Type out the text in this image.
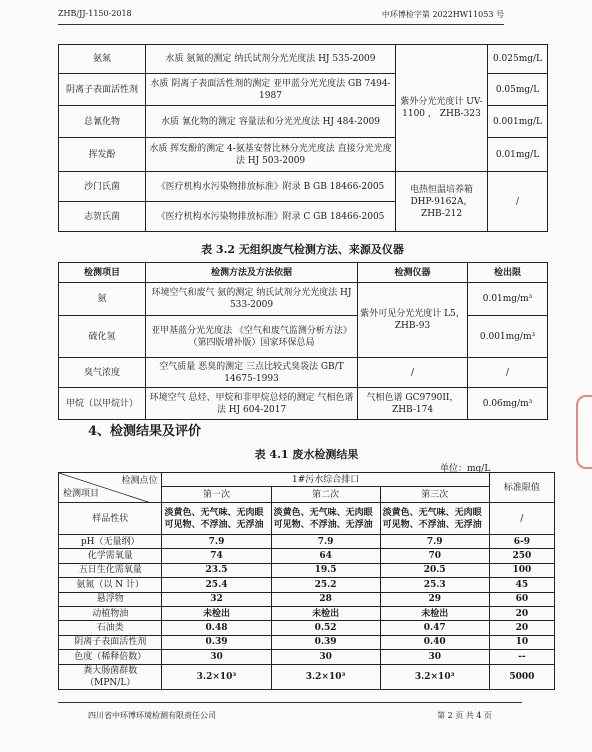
ZHB/JJ-1150-2018	中环博检字第 2022HW11053 号
氨氮	水质 氨氮的测定 纳氏试剂分光光度法 HJ 535-2009	紫外分光光度计 UV-1100 ， ZHB-323	0.025mg/L
阴离子表面活性剂	水质 阴离子表面活性剂的测定 亚甲蓝分光光度法 GB 7494-1987		0.05mg/L
总氰化物	水质 氰化物的测定 容量法和分光光度法 HJ 484-2009		0.001mg/L
挥发酚	水质 挥发酚的测定 4-氨基安替比林分光光度法 直接分光光度法 HJ 503-2009		0.01mg/L
沙门氏菌	《医疗机构水污染物排放标准》附录 B GB 18466-2005	电热恒温培养箱 DHP-9162A， ZHB-212	/
志贺氏菌	《医疗机构水污染物排放标准》附录 C GB 18466-2005		
表 3.2 无组织废气检测方法、来源及仪器
检测项目	检测方法及方法依据	检测仪器	检出限
氨	环境空气和废气 氨的测定 纳氏试剂分光光度法 HJ 533-2009	紫外可见分光光度计 L5，ZHB-93	0.01mg/m³
硫化氢	亚甲基蓝分光光度法 《空气和废气监测分析方法》（第四版增补版）国家环保总局		0.001mg/m³
臭气浓度	空气质量 恶臭的测定 三点比较式臭袋法 GB/T 14675-1993	/	/
甲烷（以甲烷计）	环境空气 总烃、甲烷和非甲烷总烃的测定 气相色谱法 HJ 604-2017	气相色谱 GC9790II， ZHB-174	0.06mg/m³
4、检测结果及评价
表 4.1 废水检测结果
单位：mg/L
检测点位
检测项目	1#污水综合排口			标准限值
	第一次	第二次	第三次	
样品性状	淡黄色、无气味、无肉眼可见物、不浮油、无浮油	淡黄色、无气味、无肉眼可见物、不浮油、无浮油	淡黄色、无气味、无肉眼可见物、不浮油、无浮油	/
pH（无量纲）	7.9	7.9	7.9	6-9
化学需氧量	74	64	70	250
五日生化需氧量	23.5	19.5	20.5	100
氨氮（以 N 计）	25.4	25.2	25.3	45
悬浮物	32	28	29	60
动植物油	未检出	未检出	未检出	20
石油类	0.48	0.52	0.47	20
阴离子表面活性剂	0.39	0.39	0.40	10
色度（稀释倍数）	30	30	30	--
粪大肠菌群数（MPN/L）	3.2×10³	3.2×10³	3.2×10³	5000
四川省中环博环境检测有限责任公司	第 2 页 共 4 页
